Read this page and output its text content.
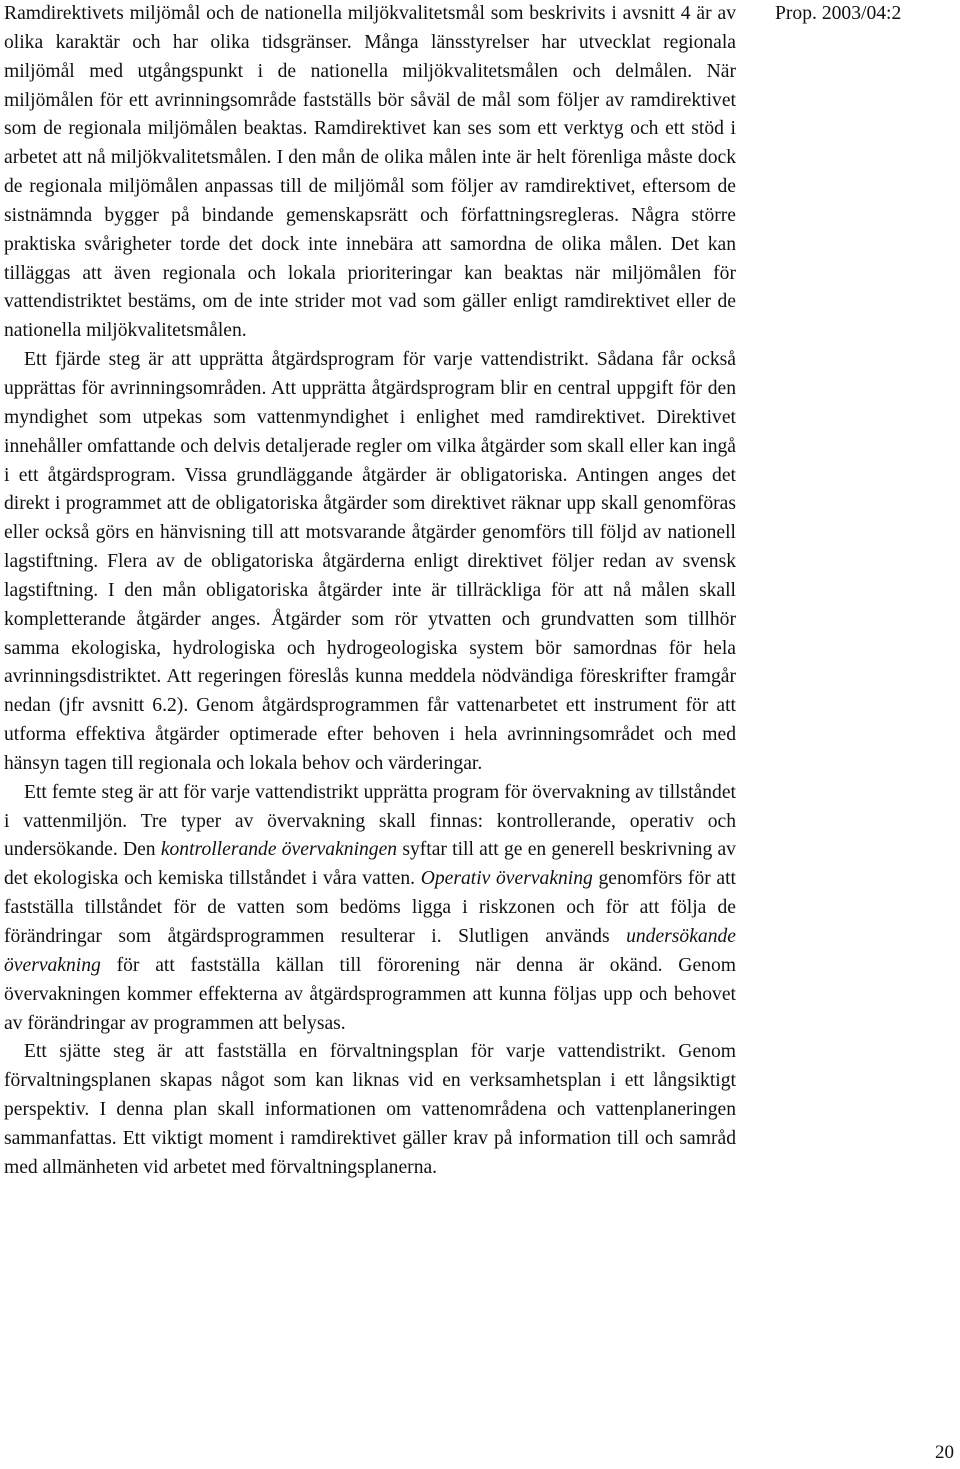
Ramdirektivets miljömål och de nationella miljökvalitetsmål som beskrivits i avsnitt 4 är av olika karaktär och har olika tidsgränser. Många länsstyrelser har utvecklat regionala miljömål med utgångspunkt i de nationella miljökvalitetsmålen och delmålen. När miljömålen för ett avrinningsområde fastställs bör såväl de mål som följer av ramdirektivet som de regionala miljömålen beaktas. Ramdirektivet kan ses som ett verktyg och ett stöd i arbetet att nå miljökvalitetsmålen. I den mån de olika målen inte är helt förenliga måste dock de regionala miljömålen anpassas till de miljömål som följer av ramdirektivet, eftersom de sistnämnda bygger på bindande gemenskapsrätt och författningsregleras. Några större praktiska svårigheter torde det dock inte innebära att samordna de olika målen. Det kan tilläggas att även regionala och lokala prioriteringar kan beaktas när miljömålen för vattendistriktet bestäms, om de inte strider mot vad som gäller enligt ramdirektivet eller de nationella miljökvalitetsmålen.

Ett fjärde steg är att upprätta åtgärdsprogram för varje vattendistrikt. Sådana får också upprättas för avrinningsområden. Att upprätta åtgärdsprogram blir en central uppgift för den myndighet som utpekas som vattenmyndighet i enlighet med ramdirektivet. Direktivet innehåller omfattande och delvis detaljerade regler om vilka åtgärder som skall eller kan ingå i ett åtgärdsprogram. Vissa grundläggande åtgärder är obligatoriska. Antingen anges det direkt i programmet att de obligatoriska åtgärder som direktivet räknar upp skall genomföras eller också görs en hänvisning till att motsvarande åtgärder genomförs till följd av nationell lagstiftning. Flera av de obligatoriska åtgärderna enligt direktivet följer redan av svensk lagstiftning. I den mån obligatoriska åtgärder inte är tillräckliga för att nå målen skall kompletterande åtgärder anges. Åtgärder som rör ytvatten och grundvatten som tillhör samma ekologiska, hydrologiska och hydrogeologiska system bör samordnas för hela avrinningsdistriktet. Att regeringen föreslås kunna meddela nödvändiga föreskrifter framgår nedan (jfr avsnitt 6.2). Genom åtgärdsprogrammen får vattenarbetet ett instrument för att utforma effektiva åtgärder optimerade efter behoven i hela avrinningsområdet och med hänsyn tagen till regionala och lokala behov och värderingar.

Ett femte steg är att för varje vattendistrikt upprätta program för övervakning av tillståndet i vattenmiljön. Tre typer av övervakning skall finnas: kontrollerande, operativ och undersökande. Den kontrollerande övervakningen syftar till att ge en generell beskrivning av det ekologiska och kemiska tillståndet i våra vatten. Operativ övervakning genomförs för att fastställa tillståndet för de vatten som bedöms ligga i riskzonen och för att följa de förändringar som åtgärdsprogrammen resulterar i. Slutligen används undersökande övervakning för att fastställa källan till förorening när denna är okänd. Genom övervakningen kommer effekterna av åtgärdsprogrammen att kunna följas upp och behovet av förändringar av programmen att belysas.

Ett sjätte steg är att fastställa en förvaltningsplan för varje vattendistrikt. Genom förvaltningsplanen skapas något som kan liknas vid en verksamhetsplan i ett långsiktigt perspektiv. I denna plan skall informationen om vattenområdena och vattenplaneringen sammanfattas. Ett viktigt moment i ramdirektivet gäller krav på information till och samråd med allmänheten vid arbetet med förvaltningsplanerna.

Prop. 2003/04:2
20
